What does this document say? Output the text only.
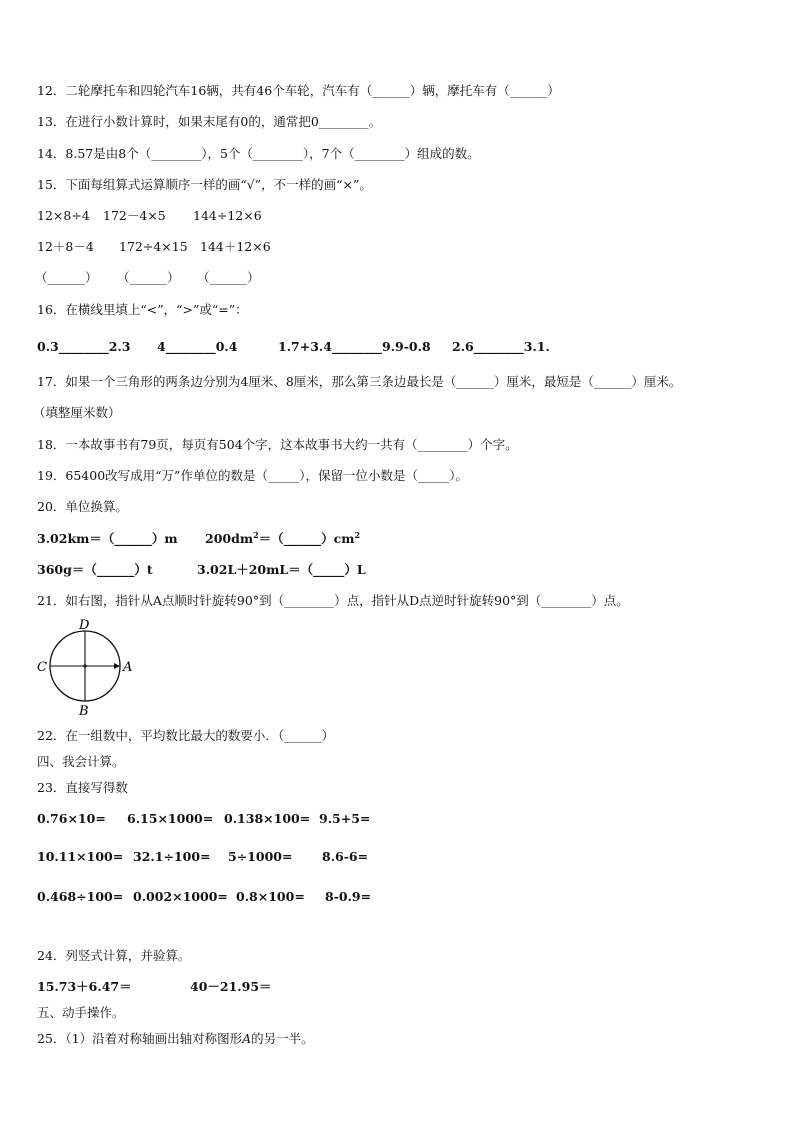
12．二轮摩托车和四轮汽车16辆，共有46个车轮，汽车有（______）辆，摩托车有（______）
13．在进行小数计算时，如果末尾有0的，通常把0________。
14．8.57是由8个（________），5个（________），7个（________）组成的数。
15．下面每组算式运算顺序一样的画“√”，不一样的画“×”。
12×8÷4 172－4×5 144÷12×6
12＋8－4 172÷4×15 144＋12×6
（______） （______） （______）
16．在横线里填上“<”，“>”或“=”：
0.3________2.3 4________0.4	1.7+3.4________9.9-0.8 2.6________3.1.
17．如果一个三角形的两条边分别为4厘米、8厘米，那么第三条边最长是（______）厘米，最短是（______）厘米。
（填整厘米数）
18．一本故事书有79页，每页有504个字，这本故事书大约一共有（________）个字。
19．65400改写成用“万”作单位的数是（_____），保留一位小数是（_____）。
20．单位换算。
3.02km＝（______）m $200dm^2=(\_\_\_\_\_\_)cm^2$
360g＝（______）t	3.02L＋20mL＝（_____）L
21．如右图，指针从A点顺时针旋转90°到（________）点，指针从D点逆时针旋转90°到（________）点。
D
C	A
B
22．在一组数中，平均数比最大的数要小．（______）
四、我会计算。
23．直接写得数
0.76×10= 6.15×1000= 0.138×100= 9.5+5=
10.11×100= 32.1÷100= 5÷1000= 8.6-6=
0.468÷100= 0.002×1000= 0.8×100= 8-0.9=
24．列竖式计算，并验算。
15.73＋6.47＝	40－21.95＝
五、动手操作。
25．（1）沿着对称轴画出轴对称图形A的另一半。
